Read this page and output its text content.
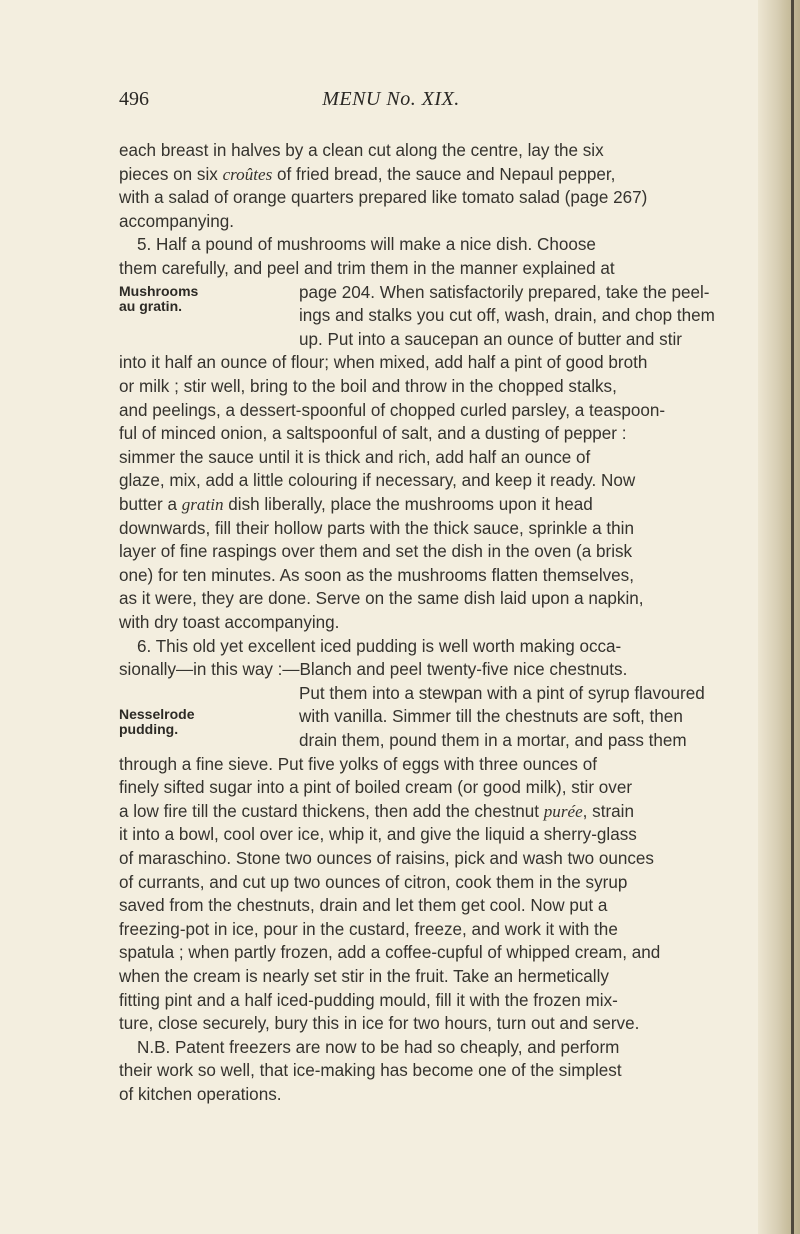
496	MENU No. XIX.
each breast in halves by a clean cut along the centre, lay the six
pieces on six croûtes of fried bread, the sauce and Nepaul pepper,
with a salad of orange quarters prepared like tomato salad (page 267)
accompanying.
5. Half a pound of mushrooms will make a nice dish. Choose
them carefully, and peel and trim them in the manner explained at
Mushrooms
au gratin.
page 204. When satisfactorily prepared, take the peel-
ings and stalks you cut off, wash, drain, and chop them
up. Put into a saucepan an ounce of butter and stir
into it half an ounce of flour; when mixed, add half a pint of good broth
or milk ; stir well, bring to the boil and throw in the chopped stalks,
and peelings, a dessert-spoonful of chopped curled parsley, a teaspoon-
ful of minced onion, a saltspoonful of salt, and a dusting of pepper :
simmer the sauce until it is thick and rich, add half an ounce of
glaze, mix, add a little colouring if necessary, and keep it ready. Now
butter a gratin dish liberally, place the mushrooms upon it head
downwards, fill their hollow parts with the thick sauce, sprinkle a thin
layer of fine raspings over them and set the dish in the oven (a brisk
one) for ten minutes. As soon as the mushrooms flatten themselves,
as it were, they are done. Serve on the same dish laid upon a napkin,
with dry toast accompanying.
6. This old yet excellent iced pudding is well worth making occa-
sionally—in this way :—Blanch and peel twenty-five nice chestnuts.
Nesselrode
pudding.
Put them into a stewpan with a pint of syrup flavoured
with vanilla. Simmer till the chestnuts are soft, then
drain them, pound them in a mortar, and pass them
through a fine sieve. Put five yolks of eggs with three ounces of
finely sifted sugar into a pint of boiled cream (or good milk), stir over
a low fire till the custard thickens, then add the chestnut purée, strain
it into a bowl, cool over ice, whip it, and give the liquid a sherry-glass
of maraschino. Stone two ounces of raisins, pick and wash two ounces
of currants, and cut up two ounces of citron, cook them in the syrup
saved from the chestnuts, drain and let them get cool. Now put a
freezing-pot in ice, pour in the custard, freeze, and work it with the
spatula ; when partly frozen, add a coffee-cupful of whipped cream, and
when the cream is nearly set stir in the fruit. Take an hermetically
fitting pint and a half iced-pudding mould, fill it with the frozen mix-
ture, close securely, bury this in ice for two hours, turn out and serve.
N.B. Patent freezers are now to be had so cheaply, and perform
their work so well, that ice-making has become one of the simplest
of kitchen operations.
